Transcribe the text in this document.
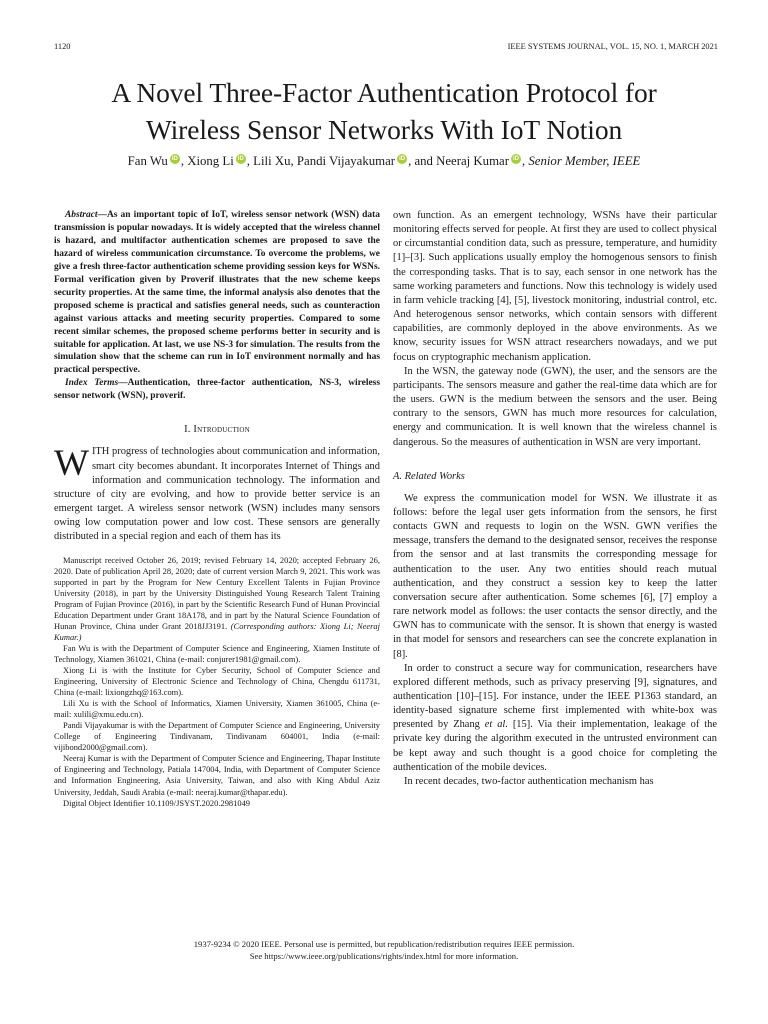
1120	IEEE SYSTEMS JOURNAL, VOL. 15, NO. 1, MARCH 2021
A Novel Three-Factor Authentication Protocol for
Wireless Sensor Networks With IoT Notion
Fan Wu iD , Xiong Li iD , Lili Xu, Pandi Vijayakumar iD , and Neeraj Kumar iD , Senior Member, IEEE

Abstract—As an important topic of IoT, wireless sensor network (WSN) data transmission is popular nowadays. It is widely accepted that the wireless channel is hazard, and multifactor authentication schemes are proposed to save the hazard of wireless communication circumstance. To overcome the problems, we give a fresh three-factor authentication scheme providing session keys for WSNs. Formal verification given by Proverif illustrates that the new scheme keeps security properties. At the same time, the informal analysis also denotes that the proposed scheme is practical and satisfies general needs, such as counteraction against various attacks and meeting security properties. Compared to some recent similar schemes, the proposed scheme performs better in security and is suitable for application. At last, we use NS-3 for simulation. The results from the simulation show that the scheme can run in IoT environment normally and has practical perspective.

Index Terms—Authentication, three-factor authentication, NS-3, wireless sensor network (WSN), proverif.

I. Introduction

WITH progress of technologies about communication and information, smart city becomes abundant. It incorporates Internet of Things and information and communication technology. The information and structure of city are evolving, and how to provide better service is an emergent target. A wireless sensor network (WSN) includes many sensors owing low computation power and low cost. These sensors are generally distributed in a special region and each of them has its

Manuscript received October 26, 2019; revised February 14, 2020; accepted February 26, 2020. Date of publication April 28, 2020; date of current version March 9, 2021. This work was supported in part by the Program for New Century Excellent Talents in Fujian Province University (2018), in part by the University Distinguished Young Research Talent Training Program of Fujian Province (2016), in part by the Scientific Research Fund of Hunan Provincial Education Department under Grant 18A178, and in part by the Natural Science Foundation of Hunan Province, China under Grant 2018JJ3191. (Corresponding authors: Xiong Li; Neeraj Kumar.)

Fan Wu is with the Department of Computer Science and Engineering, Xiamen Institute of Technology, Xiamen 361021, China (e-mail: conjurer1981@gmail.com).

Xiong Li is with the Institute for Cyber Security, School of Computer Science and Engineering, University of Electronic Science and Technology of China, Chengdu 611731, China (e-mail: lixiongzhq@163.com).

Lili Xu is with the School of Informatics, Xiamen University, Xiamen 361005, China (e-mail: xulili@xmu.edu.cn).

Pandi Vijayakumar is with the Department of Computer Science and Engineering, University College of Engineering Tindivanam, Tindivanam 604001, India (e-mail: vijibond2000@gmail.com).

Neeraj Kumar is with the Department of Computer Science and Engineering, Thapar Institute of Engineering and Technology, Patiala 147004, India, with Department of Computer Science and Information Engineering, Asia University, Taiwan, and also with King Abdul Aziz University, Jeddah, Saudi Arabia (e-mail: neeraj.kumar@thapar.edu).

Digital Object Identifier 10.1109/JSYST.2020.2981049

own function. As an emergent technology, WSNs have their particular monitoring effects served for people. At first they are used to collect physical or circumstantial condition data, such as pressure, temperature, and humidity [1]–[3]. Such applications usually employ the homogenous sensors to finish the corresponding tasks. That is to say, each sensor in one network has the same working parameters and functions. Now this technology is widely used in farm vehicle tracking [4], [5], livestock monitoring, industrial control, etc. And heterogenous sensor networks, which contain sensors with different capabilities, are commonly deployed in the above environments. As we know, security issues for WSN attract researchers nowadays, and we put focus on cryptographic mechanism application.

In the WSN, the gateway node (GWN), the user, and the sensors are the participants. The sensors measure and gather the real-time data which are for the users. GWN is the medium between the sensors and the user. Being contrary to the sensors, GWN has much more resources for calculation, energy and communication. It is well known that the wireless channel is dangerous. So the measures of authentication in WSN are very important.

A. Related Works

We express the communication model for WSN. We illustrate it as follows: before the legal user gets information from the sensors, he first contacts GWN and requests to login on the WSN. GWN verifies the message, transfers the demand to the designated sensor, receives the response from the sensor and at last transmits the corresponding message for authentication to the user. Any two entities should reach mutual authentication, and they construct a session key to keep the latter conversation secure after authentication. Some schemes [6], [7] employ a rare network model as follows: the user contacts the sensor directly, and the GWN has to communicate with the sensor. It is shown that energy is wasted in that model for sensors and researchers can see the concrete explanation in [8].

In order to construct a secure way for communication, researchers have explored different methods, such as privacy preserving [9], signatures, and authentication [10]–[15]. For instance, under the IEEE P1363 standard, an identity-based signature scheme first implemented with white-box was presented by Zhang et al. [15]. Via their implementation, leakage of the private key during the algorithm executed in the untrusted environment can be kept away and such thought is a good choice for completing the authentication of the mobile devices.

In recent decades, two-factor authentication mechanism has

1937-9234 © 2020 IEEE. Personal use is permitted, but republication/redistribution requires IEEE permission.
See https://www.ieee.org/publications/rights/index.html for more information.
